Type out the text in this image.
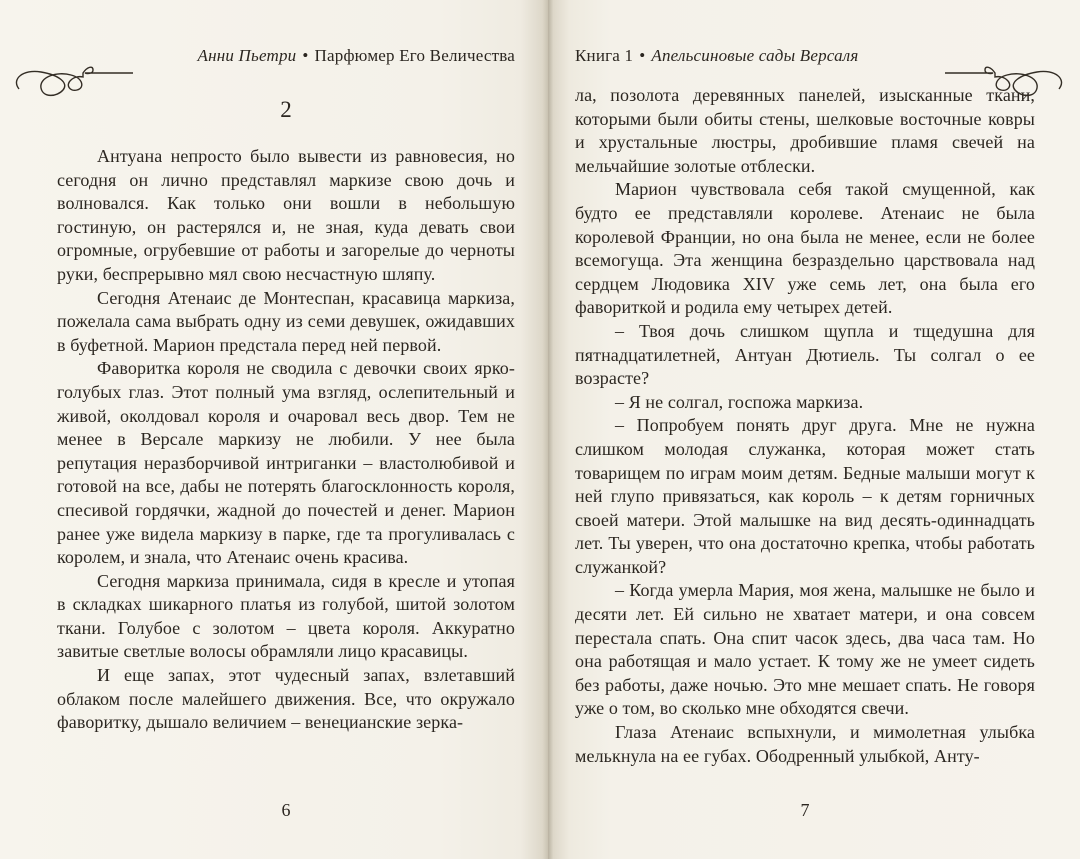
Анни Пьетри • Парфюмер Его Величества
2

Антуана непросто было вывести из равновесия, но сегодня он лично представлял маркизе свою дочь и волновался. Как только они вошли в небольшую гостиную, он растерялся и, не зная, куда девать свои огромные, огрубевшие от работы и загорелые до черноты руки, беспрерывно мял свою несчастную шляпу.

Сегодня Атенаис де Монтеспан, красавица маркиза, пожелала сама выбрать одну из семи девушек, ожидавших в буфетной. Марион предстала перед ней первой.

Фаворитка короля не сводила с девочки своих ярко-голубых глаз. Этот полный ума взгляд, ослепительный и живой, околдовал короля и очаровал весь двор. Тем не менее в Версале маркизу не любили. У нее была репутация неразборчивой интриганки – властолюбивой и готовой на все, дабы не потерять благосклонность короля, спесивой гордячки, жадной до почестей и денег. Марион ранее уже видела маркизу в парке, где та прогуливалась с королем, и знала, что Атенаис очень красива.

Сегодня маркиза принимала, сидя в кресле и утопая в складках шикарного платья из голубой, шитой золотом ткани. Голубое с золотом – цвета короля. Аккуратно завитые светлые волосы обрамляли лицо красавицы.

И еще запах, этот чудесный запах, взлетавший облаком после малейшего движения. Все, что окружало фаворитку, дышало величием – венецианские зерка-

6
Книга 1 • Апельсиновые сады Версаля

ла, позолота деревянных панелей, изысканные ткани, которыми были обиты стены, шелковые восточные ковры и хрустальные люстры, дробившие пламя свечей на мельчайшие золотые отблески.

Марион чувствовала себя такой смущенной, как будто ее представляли королеве. Атенаис не была королевой Франции, но она была не менее, если не более всемогуща. Эта женщина безраздельно царствовала над сердцем Людовика XIV уже семь лет, она была его фавориткой и родила ему четырех детей.

– Твоя дочь слишком щупла и тщедушна для пятнадцатилетней, Антуан Дютиель. Ты солгал о ее возрасте?

– Я не солгал, госпожа маркиза.

– Попробуем понять друг друга. Мне не нужна слишком молодая служанка, которая может стать товарищем по играм моим детям. Бедные малыши могут к ней глупо привязаться, как король – к детям горничных своей матери. Этой малышке на вид десять-одиннадцать лет. Ты уверен, что она достаточно крепка, чтобы работать служанкой?

– Когда умерла Мария, моя жена, малышке не было и десяти лет. Ей сильно не хватает матери, и она совсем перестала спать. Она спит часок здесь, два часа там. Но она работящая и мало устает. К тому же не умеет сидеть без работы, даже ночью. Это мне мешает спать. Не говоря уже о том, во сколько мне обходятся свечи.

Глаза Атенаис вспыхнули, и мимолетная улыбка мелькнула на ее губах. Ободренный улыбкой, Анту-

7
